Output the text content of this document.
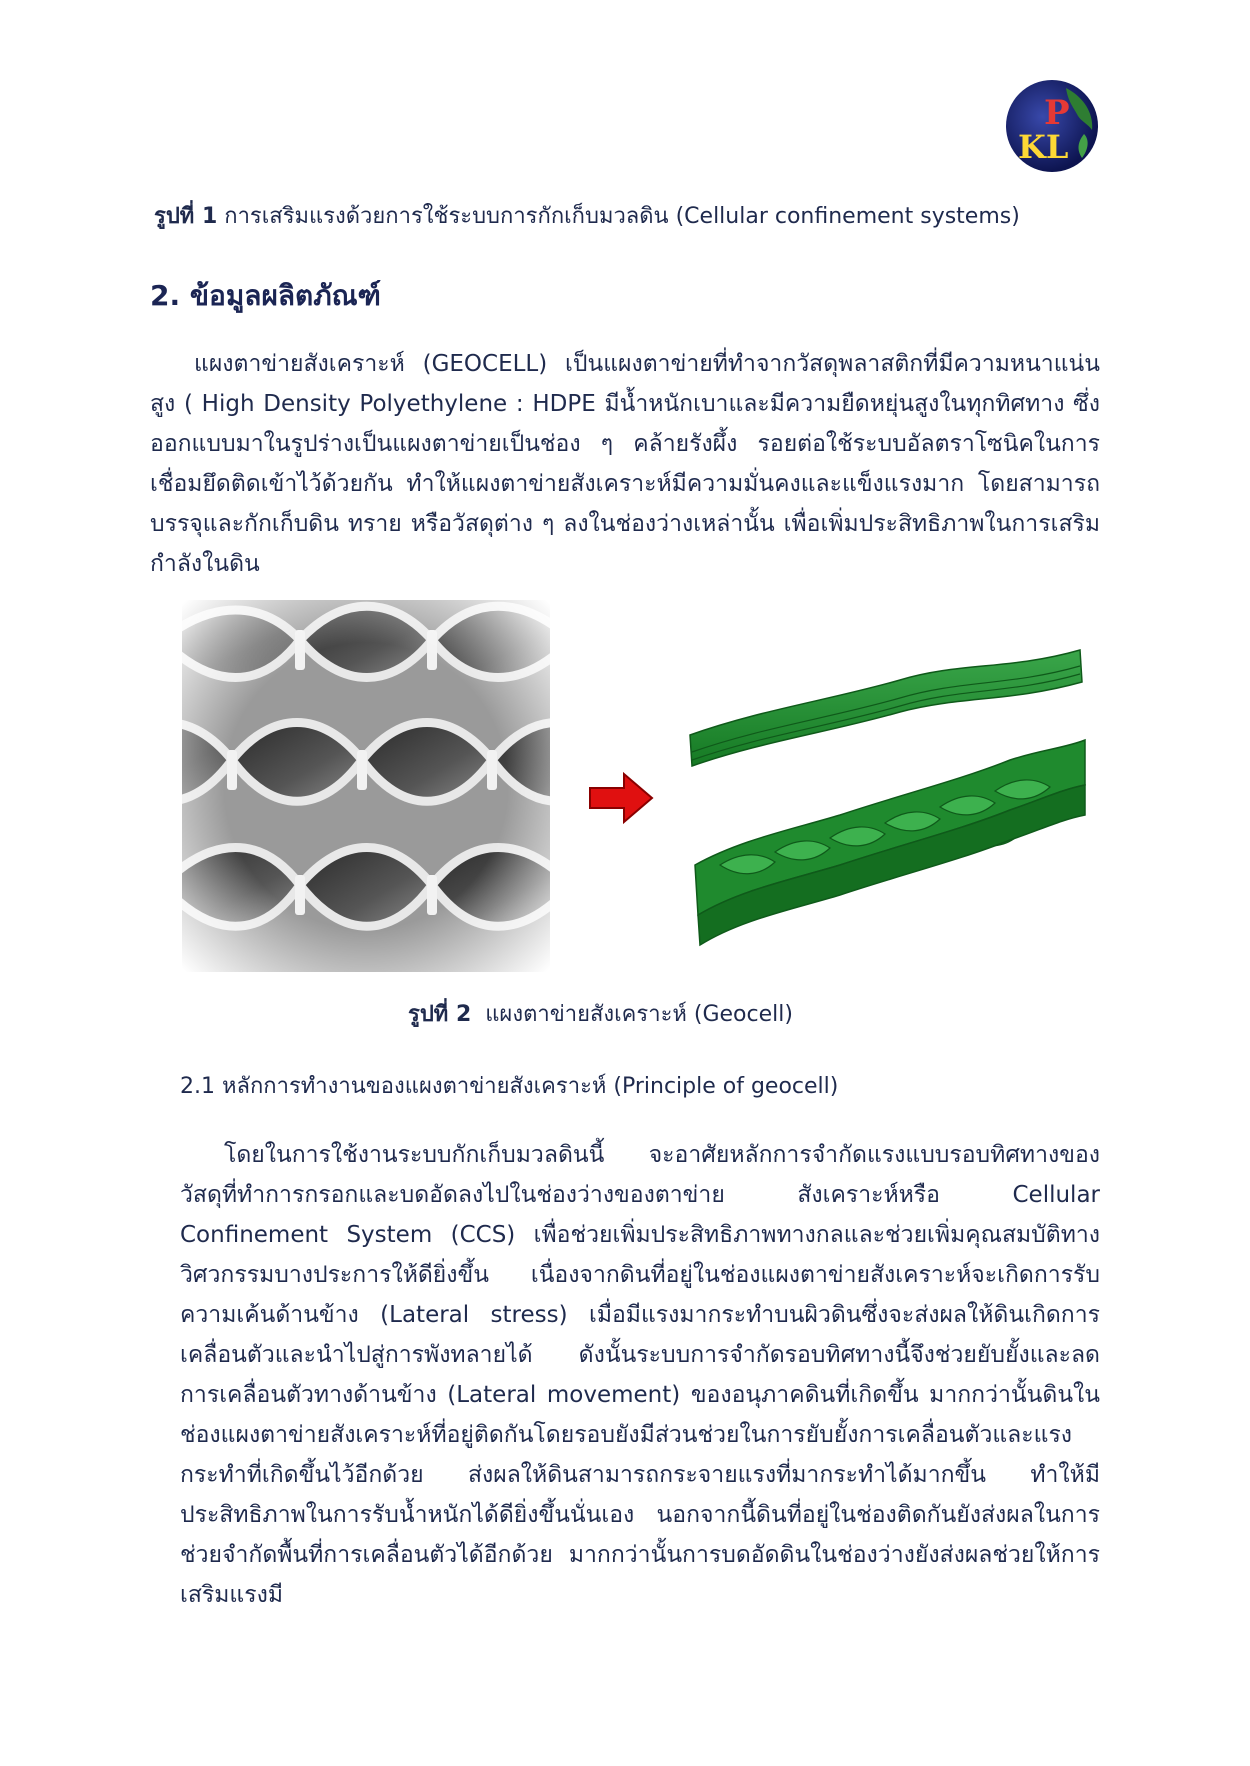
P
KL
รูปที่ 1 การเสริมแรงด้วยการใช้ระบบการกักเก็บมวลดิน (Cellular confinement systems)
2. ข้อมูลผลิตภัณฑ์
แผงตาข่ายสังเคราะห์ (GEOCELL) เป็นแผงตาข่ายที่ทำจากวัสดุพลาสติกที่มีความหนาแน่นสูง ( High Density Polyethylene : HDPE มีน้ำหนักเบาและมีความยืดหยุ่นสูงในทุกทิศทาง ซึ่งออกแบบมาในรูปร่างเป็นแผงตาข่ายเป็นช่อง ๆ คล้ายรังผึ้ง รอยต่อใช้ระบบอัลตราโซนิคในการเชื่อมยึดติดเข้าไว้ด้วยกัน ทำให้แผงตาข่ายสังเคราะห์มีความมั่นคงและแข็งแรงมาก โดยสามารถบรรจุและกักเก็บดิน ทราย หรือวัสดุต่าง ๆ ลงในช่องว่างเหล่านั้น เพื่อเพิ่มประสิทธิภาพในการเสริมกำลังในดิน
รูปที่ 2 แผงตาข่ายสังเคราะห์ (Geocell)
2.1 หลักการทำงานของแผงตาข่ายสังเคราะห์ (Principle of geocell)
โดยในการใช้งานระบบกักเก็บมวลดินนี้ จะอาศัยหลักการจำกัดแรงแบบรอบทิศทางของวัสดุที่ทำการกรอกและบดอัดลงไปในช่องว่างของตาข่าย สังเคราะห์หรือ Cellular Confinement System (CCS) เพื่อช่วยเพิ่มประสิทธิภาพทางกลและช่วยเพิ่มคุณสมบัติทางวิศวกรรมบางประการให้ดียิ่งขึ้น เนื่องจากดินที่อยู่ในช่องแผงตาข่ายสังเคราะห์จะเกิดการรับความเค้นด้านข้าง (Lateral stress) เมื่อมีแรงมากระทำบนผิวดินซึ่งจะส่งผลให้ดินเกิดการเคลื่อนตัวและนำไปสู่การพังทลายได้ ดังนั้นระบบการจำกัดรอบทิศทางนี้จึงช่วยยับยั้งและลดการเคลื่อนตัวทางด้านข้าง (Lateral movement) ของอนุภาคดินที่เกิดขึ้น มากกว่านั้นดินในช่องแผงตาข่ายสังเคราะห์ที่อยู่ติดกันโดยรอบยังมีส่วนช่วยในการยับยั้งการเคลื่อนตัวและแรงกระทำที่เกิดขึ้นไว้อีกด้วย ส่งผลให้ดินสามารถกระจายแรงที่มากระทำได้มากขึ้น ทำให้มีประสิทธิภาพในการรับน้ำหนักได้ดียิ่งขึ้นนั่นเอง นอกจากนี้ดินที่อยู่ในช่องติดกันยังส่งผลในการช่วยจำกัดพื้นที่การเคลื่อนตัวได้อีกด้วย มากกว่านั้นการบดอัดดินในช่องว่างยังส่งผลช่วยให้การเสริมแรงมี
